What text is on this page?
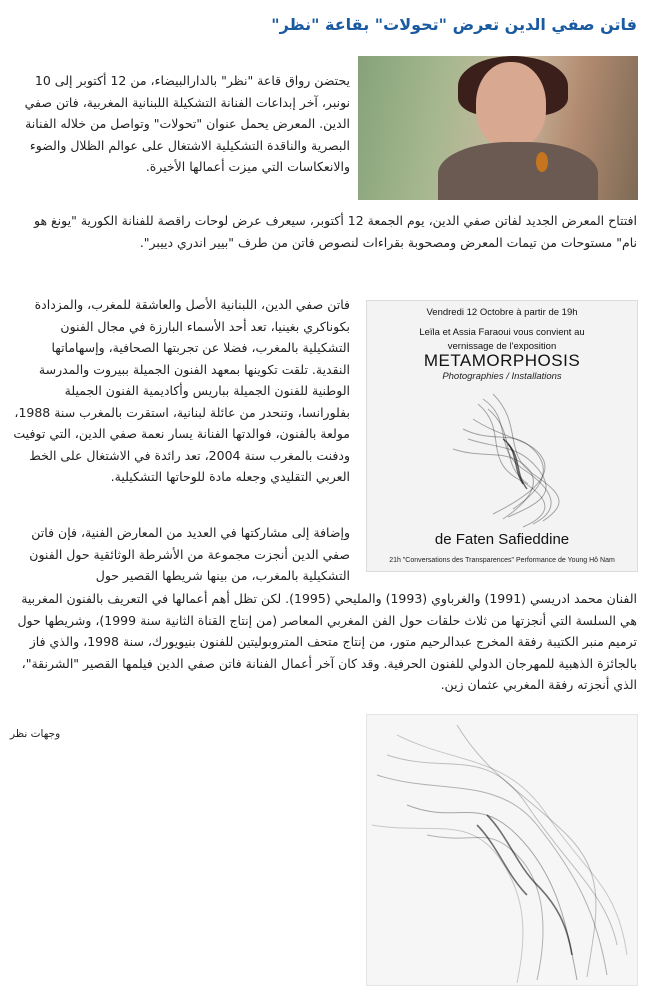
فاتن صفي الدين تعرض "تحولات" بقاعة "نظر"

يحتضن رواق قاعة "نظر" بالدارالبيضاء، من 12 أكتوبر إلى 10 نونبر، آخر إبداعات الفنانة التشكيلة اللبنانية المغربية، فاتن صفي الدين. المعرض يحمل عنوان "تحولات" وتواصل من خلاله الفنانة البصرية والناقدة التشكيلية الاشتغال على عوالم الظلال والضوء والانعكاسات التي ميزت أعمالها الأخيرة.

افتتاح المعرض الجديد لفاتن صفي الدين، يوم الجمعة 12 أكتوبر، سيعرف عرض لوحات راقصة للفنانة الكورية "يونغ هو نام" مستوحات من تيمات المعرض ومصحوبة بقراءات لنصوص فاتن من طرف "بيير اندري دييبر".

فاتن صفي الدين، اللبنانية الأصل والعاشقة للمغرب، والمزدادة بكوناكري بغينيا، تعد أحد الأسماء البارزة في مجال الفنون التشكيلية بالمغرب، فضلا عن تجربتها الصحافية، وإسهاماتها النقدية. تلقت تكوينها بمعهد الفنون الجميلة ببيروت والمدرسة الوطنية للفنون الجميلة بباريس وأكاديمية الفنون الجميلة بفلورانسا، وتنحدر من عائلة لبنانية، استقرت بالمغرب سنة 1988، مولعة بالفنون، فوالدتها الفنانة يسار نعمة صفي الدين، التي توفيت ودفنت بالمغرب سنة 2004، تعد رائدة في الاشتغال على الخط العربي التقليدي وجعله مادة للوحاتها التشكيلية.

وإضافة إلى مشاركتها في العديد من المعارض الفنية، فإن فاتن صفي الدين أنجزت مجموعة من الأشرطة الوثائقية حول الفنون التشكيلية بالمغرب، من بينها شريطها القصير حول

الفنان محمد ادريسي (1991) والغرباوي (1993) والمليحي (1995). لكن تظل أهم أعمالها في التعريف بالفنون المغربية هي السلسة التي أنجزتها من ثلاث حلقات حول الفن المغربي المعاصر (من إنتاج القناة الثانية سنة 1999)، وشريطها حول ترميم منبر الكتيبة رفقة المخرج عبدالرحيم متور، من إنتاج متحف المتروبوليتين للفنون بنيويورك، سنة 1998، والذي فاز بالجائزة الذهبية للمهرجان الدولي للفنون الحرفية. وقد كان آخر أعمال الفنانة فاتن صفي الدين فيلمها القصير "الشرنقة"، الذي أنجزته رفقة المغربي عثمان زين.

Vendredi 12 Octobre à partir de 19h
Leïla et Assia Faraoui vous convient au
vernissage de l'exposition
METAMORPHOSIS
Photographies / Installations
de Faten Safieddine
21h "Conversations des Transparences" Performance de Young Hô Nam
وجهات نظر
